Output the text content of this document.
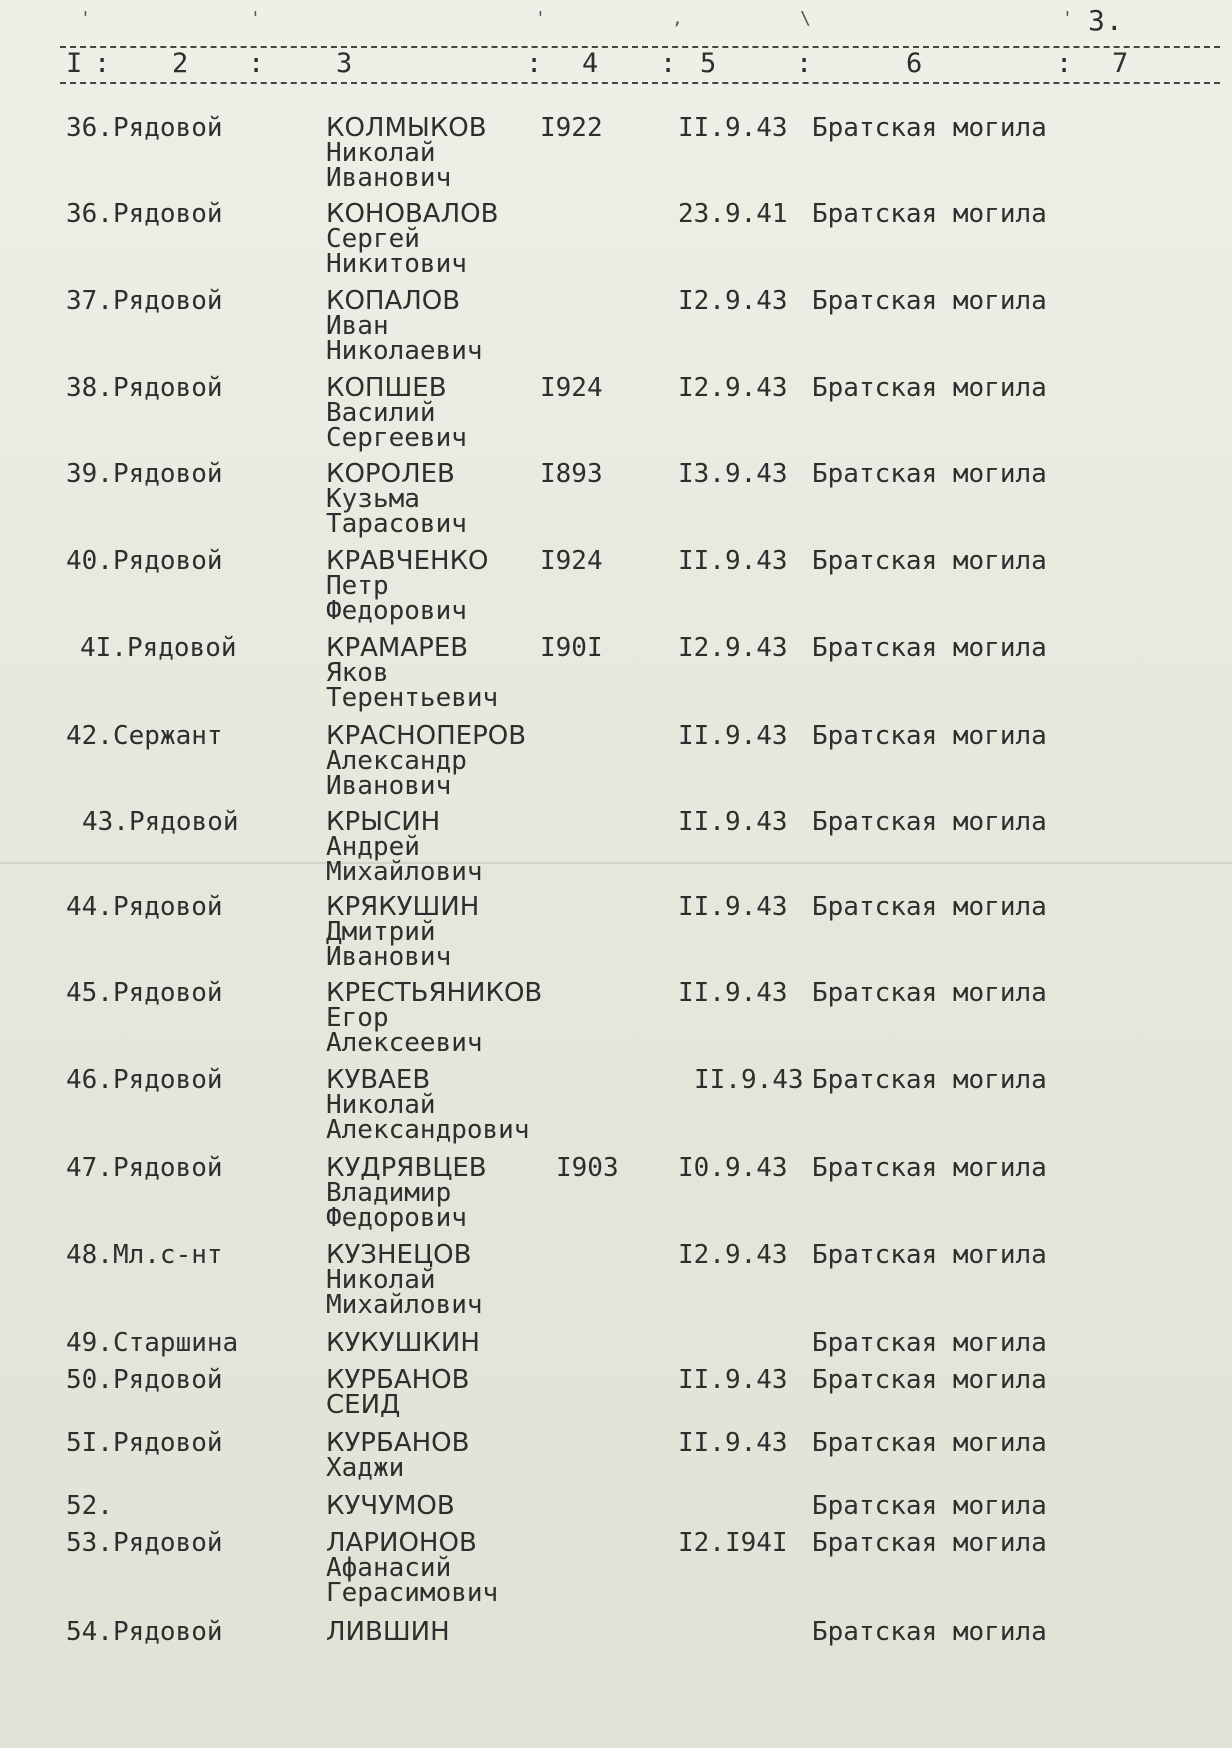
'	'	'	,	\	' 3.
I : 2 :	3	: 4 : 5	:	6	: 7
36.Рядовой	КОЛМЫКОВ
Николай
Иванович
I922	II.9.43 Братская могила
36.Рядовой	КОНОВАЛОВ
Сергей
Никитович
23.9.41 Братская могила
37.Рядовой	КОПАЛОВ
Иван
Николаевич
I2.9.43 Братская могила
38.Рядовой	КОПШЕВ
Василий
Сергеевич
I924	I2.9.43 Братская могила
39.Рядовой	КОРОЛЕВ
Кузьма
Тарасович
I893	I3.9.43 Братская могила
40.Рядовой	КРАВЧЕНКО
Петр
Федорович
I924	II.9.43 Братская могила
4I.Рядовой	КРАМАРЕВ
Яков
Терентьевич
I90I	I2.9.43 Братская могила
42.Сержант	КРАСНОПЕРОВ
Александр
Иванович
II.9.43 Братская могила
43.Рядовой	КРЫСИН
Андрей
Михайлович
II.9.43 Братская могила
44.Рядовой	КРЯКУШИН
Дмитрий
Иванович
II.9.43 Братская могила
45.Рядовой	КРЕСТЬЯНИКОВ
Егор
Алексеевич
II.9.43 Братская могила
46.Рядовой	КУВАЕВ
Николай
Александрович
II.9.43 Братская могила
47.Рядовой	КУДРЯВЦЕВ
Владимир
Федорович
I903 I0.9.43 Братская могила
48.Мл.с-нт	КУЗНЕЦОВ
Николай
Михайлович
I2.9.43 Братская могила
49.Старшина	КУКУШКИН	Братская могила
50.Рядовой	КУРБАНОВ
СЕИД
II.9.43 Братская могила
5I.Рядовой	КУРБАНОВ
Хаджи
II.9.43 Братская могила
52.	КУЧУМОВ	Братская могила
53.Рядовой	ЛАРИОНОВ
Афанасий
Герасимович
I2.I94I Братская могила
54.Рядовой	ЛИВШИН	Братская могила
